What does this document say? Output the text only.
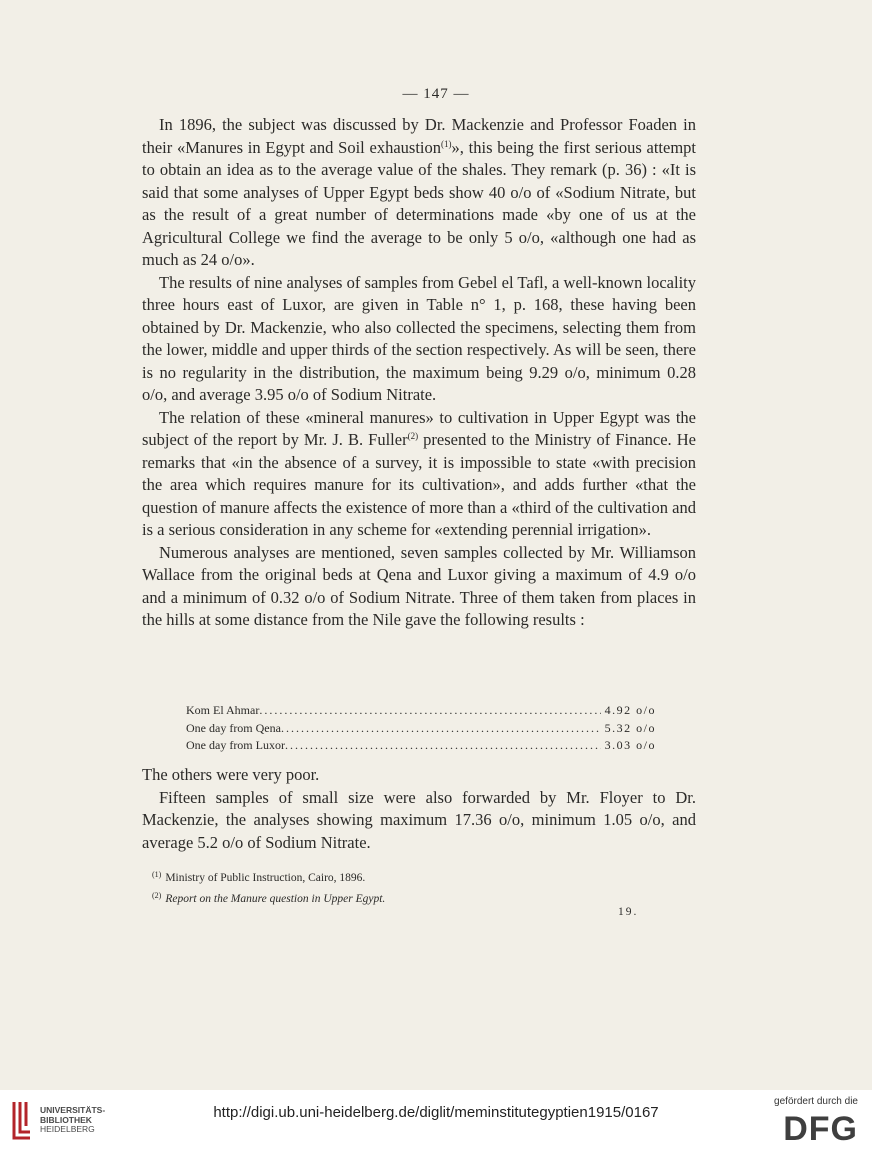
— 147 —

In 1896, the subject was discussed by Dr. Mackenzie and Professor Foaden in their «Manures in Egypt and Soil exhaustion$^{(1)}$», this being the first serious attempt to obtain an idea as to the average value of the shales. They remark (p. 36) : «It is said that some analyses of Upper Egypt beds show 40 o/o of «Sodium Nitrate, but as the result of a great number of determinations made «by one of us at the Agricultural College we find the average to be only 5 o/o, «although one had as much as 24 o/o».

The results of nine analyses of samples from Gebel el Tafl, a well-known locality three hours east of Luxor, are given in Table n° 1, p. 168, these having been obtained by Dr. Mackenzie, who also collected the specimens, selecting them from the lower, middle and upper thirds of the section respectively. As will be seen, there is no regularity in the distribution, the maximum being 9.29 o/o, minimum 0.28 o/o, and average 3.95 o/o of Sodium Nitrate.

The relation of these «mineral manures» to cultivation in Upper Egypt was the subject of the report by Mr. J. B. Fuller$^{(2)}$ presented to the Ministry of Finance. He remarks that «in the absence of a survey, it is impossible to state «with precision the area which requires manure for its cultivation», and adds further «that the question of manure affects the existence of more than a «third of the cultivation and is a serious consideration in any scheme for «extending perennial irrigation».

Numerous analyses are mentioned, seven samples collected by Mr. Williamson Wallace from the original beds at Qena and Luxor giving a maximum of 4.9 o/o and a minimum of 0.32 o/o of Sodium Nitrate. Three of them taken from places in the hills at some distance from the Nile gave the following results :

Kom El Ahmar .....	4.92 o/o
One day from Qena .....	5.32 o/o
One day from Luxor .....	3.03 o/o

The others were very poor.

Fifteen samples of small size were also forwarded by Mr. Floyer to Dr. Mackenzie, the analyses showing maximum 17.36 o/o, minimum 1.05 o/o, and average 5.2 o/o of Sodium Nitrate.

$^{(1)}$ Ministry of Public Instruction, Cairo, 1896.
$^{(2)}$ Report on the Manure question in Upper Egypt.
19.
UNIVERSITÄTS-
BIBLIOTHEK
HEIDELBERG
http://digi.ub.uni-heidelberg.de/diglit/meminstitutegyptien1915/0167
gefördert durch die
DFG
